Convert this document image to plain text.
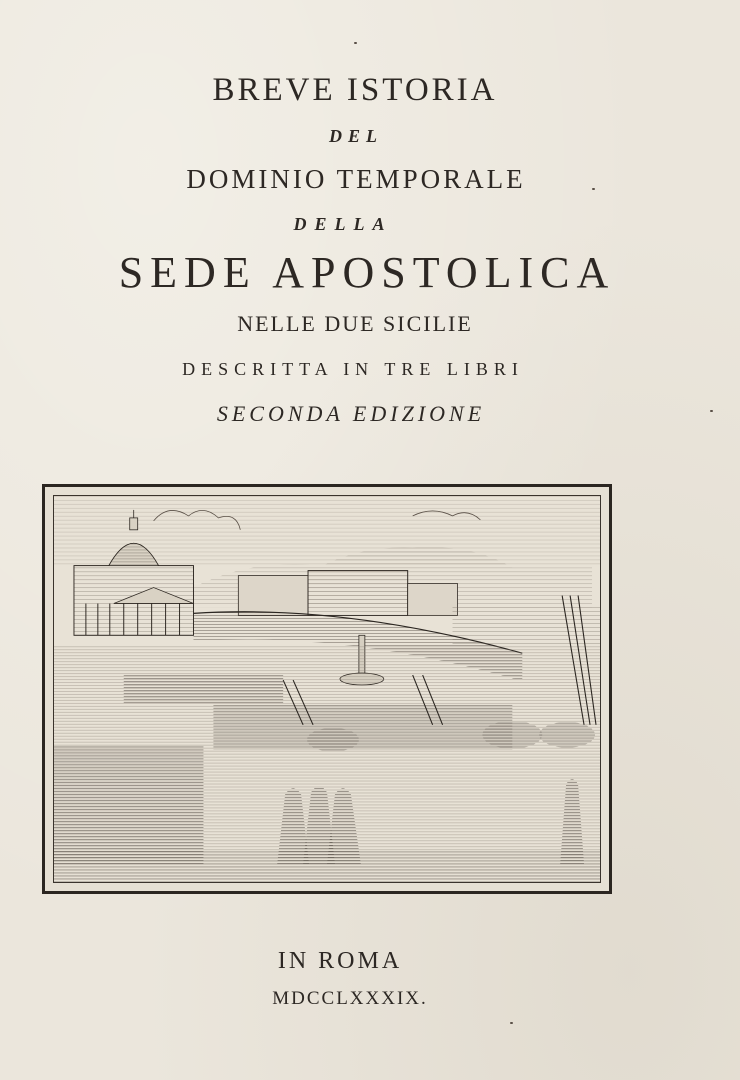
BREVE ISTORIA
DEL
DOMINIO TEMPORALE
DELLA
SEDE APOSTOLICA
NELLE DUE SICILIE
DESCRITTA IN TRE LIBRI
SECONDA EDIZIONE
IN ROMA
MDCCLXXXIX.
